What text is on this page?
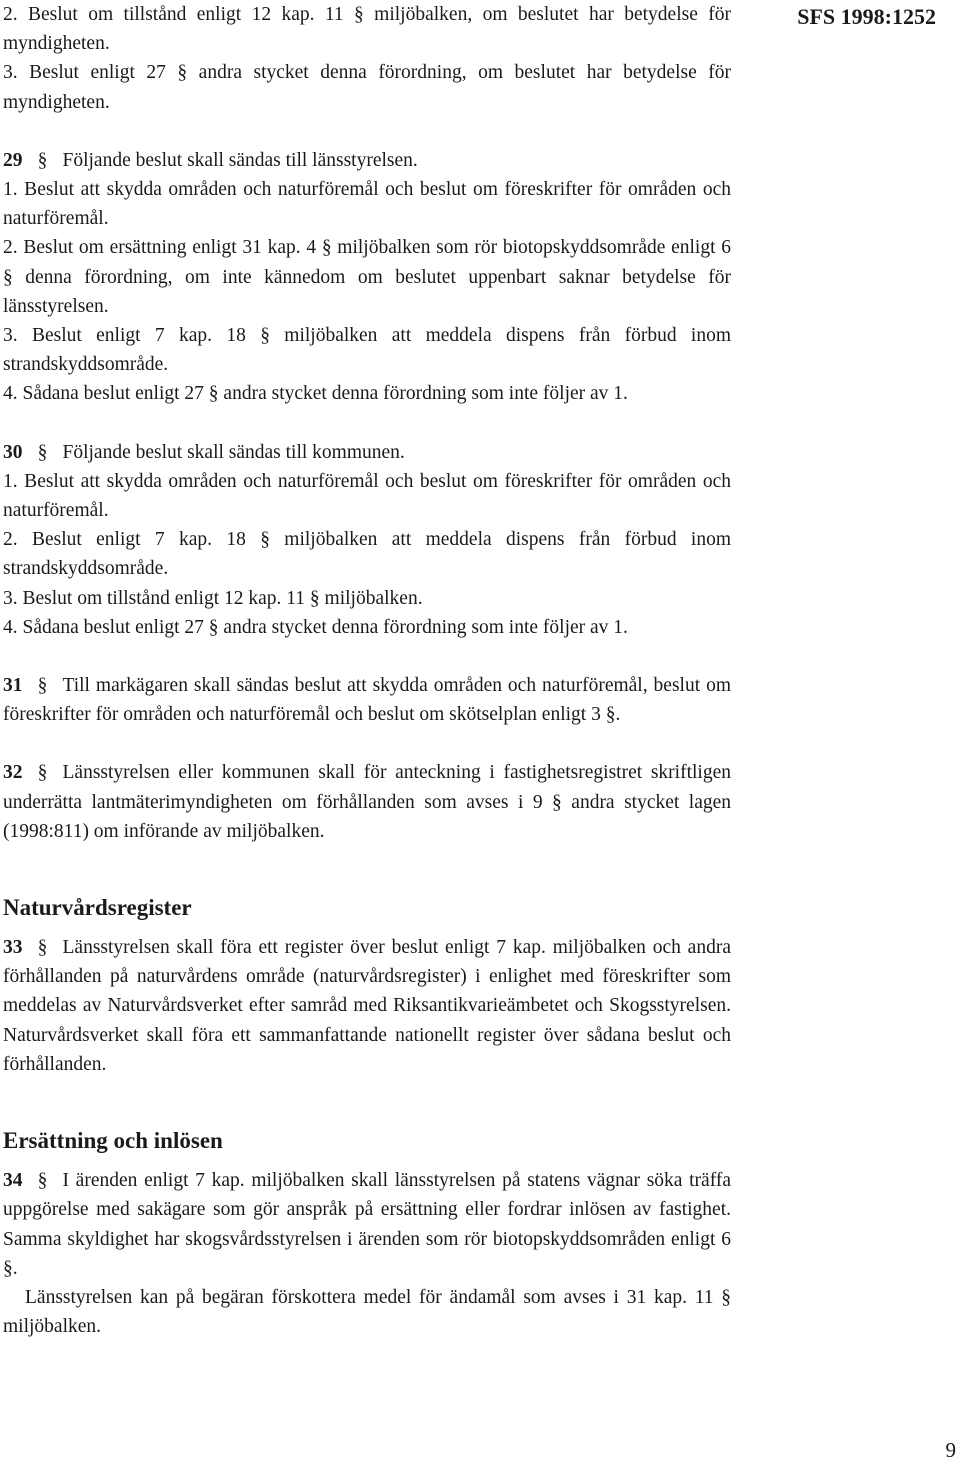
SFS 1998:1252

2. Beslut om tillstånd enligt 12 kap. 11 § miljöbalken, om beslutet har betydelse för myndigheten.

3. Beslut enligt 27 § andra stycket denna förordning, om beslutet har betydelse för myndigheten.

29 § Följande beslut skall sändas till länsstyrelsen.

1. Beslut att skydda områden och naturföremål och beslut om föreskrifter för områden och naturföremål.

2. Beslut om ersättning enligt 31 kap. 4 § miljöbalken som rör biotopskyddsområde enligt 6 § denna förordning, om inte kännedom om beslutet uppenbart saknar betydelse för länsstyrelsen.

3. Beslut enligt 7 kap. 18 § miljöbalken att meddela dispens från förbud inom strandskyddsområde.

4. Sådana beslut enligt 27 § andra stycket denna förordning som inte följer av 1.

30 § Följande beslut skall sändas till kommunen.

1. Beslut att skydda områden och naturföremål och beslut om föreskrifter för områden och naturföremål.

2. Beslut enligt 7 kap. 18 § miljöbalken att meddela dispens från förbud inom strandskyddsområde.

3. Beslut om tillstånd enligt 12 kap. 11 § miljöbalken.

4. Sådana beslut enligt 27 § andra stycket denna förordning som inte följer av 1.

31 § Till markägaren skall sändas beslut att skydda områden och naturföremål, beslut om föreskrifter för områden och naturföremål och beslut om skötselplan enligt 3 §.

32 § Länsstyrelsen eller kommunen skall för anteckning i fastighetsregistret skriftligen underrätta lantmäterimyndigheten om förhållanden som avses i 9 § andra stycket lagen (1998:811) om införande av miljöbalken.

Naturvårdsregister

33 § Länsstyrelsen skall föra ett register över beslut enligt 7 kap. miljöbalken och andra förhållanden på naturvårdens område (naturvårdsregister) i enlighet med föreskrifter som meddelas av Naturvårdsverket efter samråd med Riksantikvarieämbetet och Skogsstyrelsen. Naturvårdsverket skall föra ett sammanfattande nationellt register över sådana beslut och förhållanden.

Ersättning och inlösen

34 § I ärenden enligt 7 kap. miljöbalken skall länsstyrelsen på statens vägnar söka träffa uppgörelse med sakägare som gör anspråk på ersättning eller fordrar inlösen av fastighet. Samma skyldighet har skogsvårdsstyrelsen i ärenden som rör biotopskyddsområden enligt 6 §.

Länsstyrelsen kan på begäran förskottera medel för ändamål som avses i 31 kap. 11 § miljöbalken.

9
